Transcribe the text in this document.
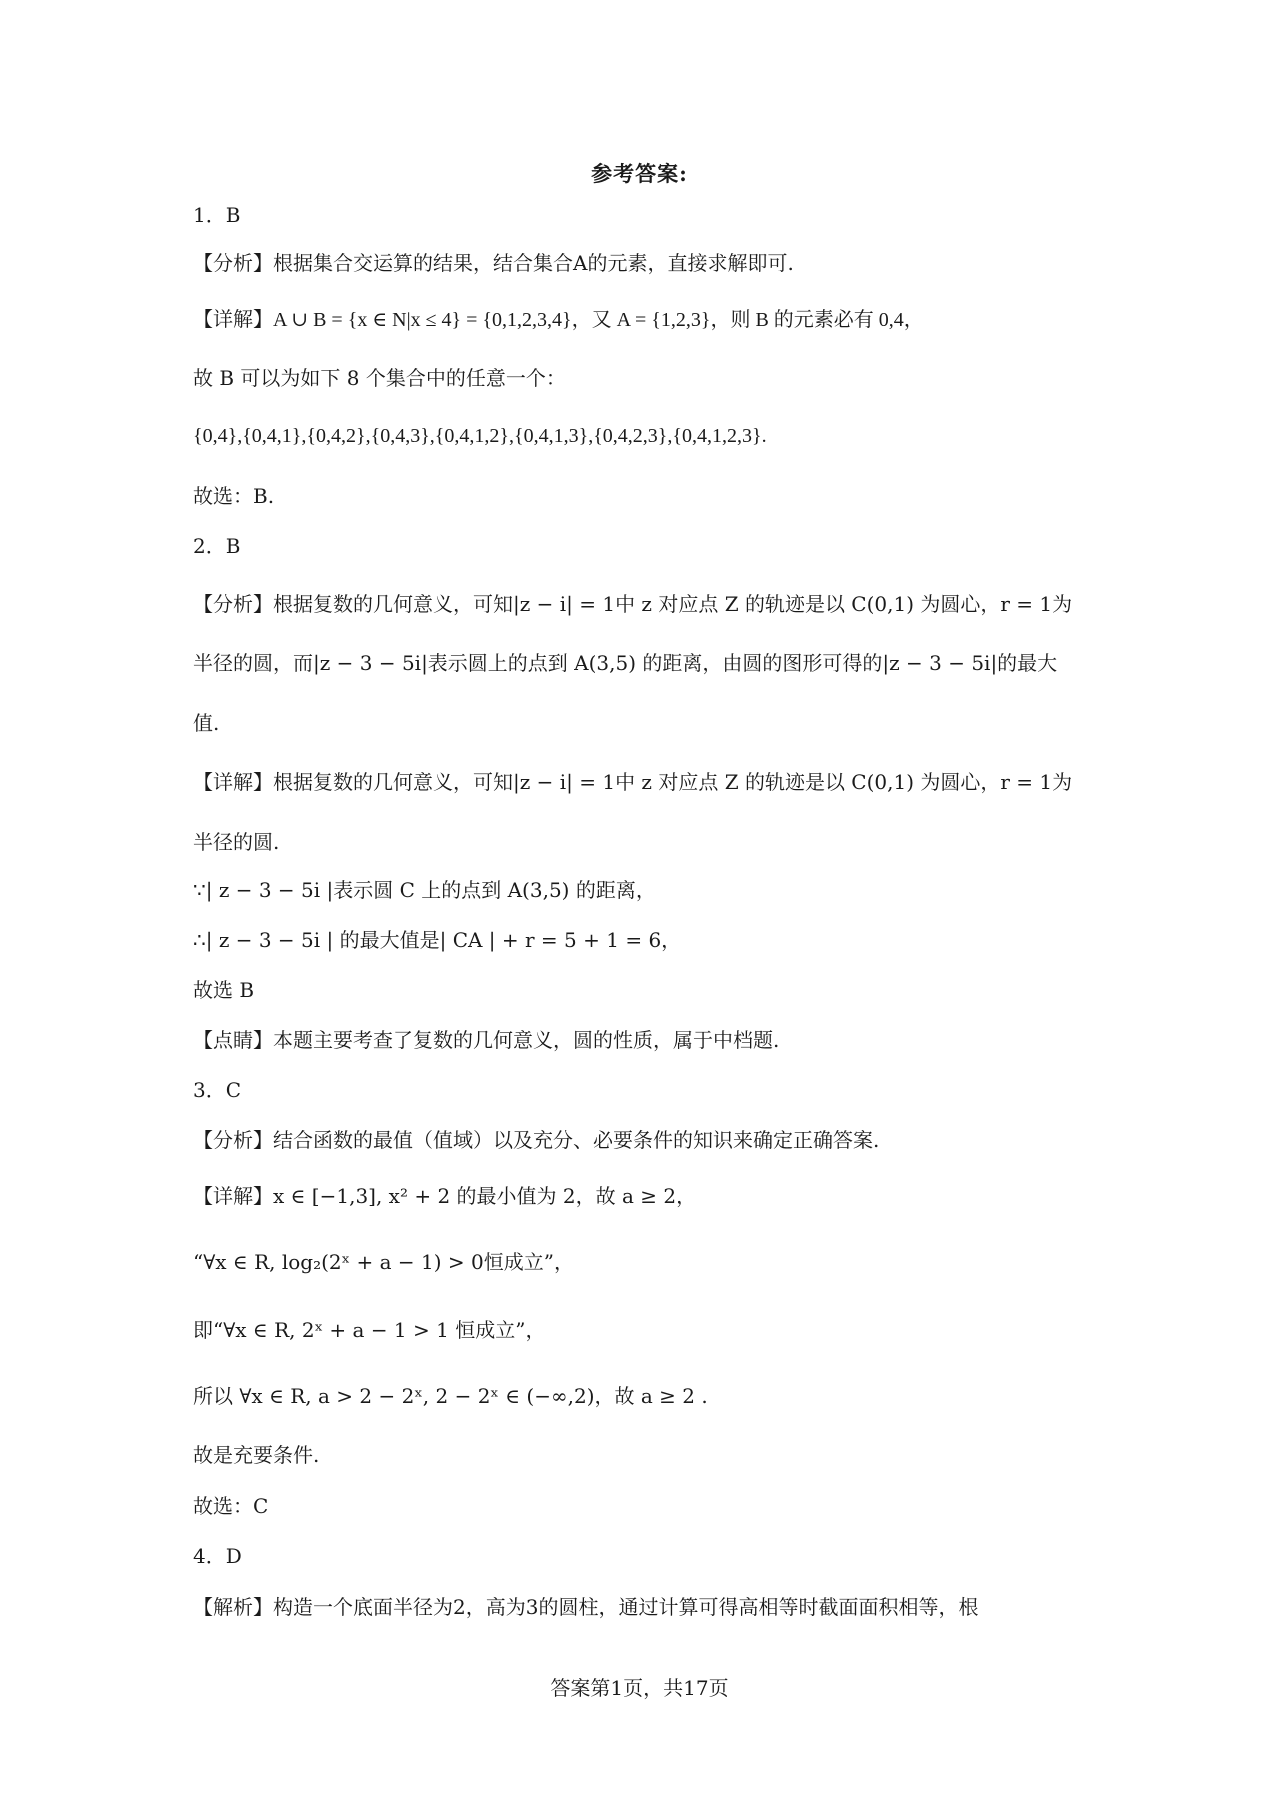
参考答案:
1．B
【分析】根据集合交运算的结果，结合集合A的元素，直接求解即可.
【详解】A ∪ B = {x ∈ N|x ≤ 4} = {0,1,2,3,4}，又 A = {1,2,3}，则 B 的元素必有 0,4，
故 B 可以为如下 8 个集合中的任意一个：
{0,4},{0,4,1},{0,4,2},{0,4,3},{0,4,1,2},{0,4,1,3},{0,4,2,3},{0,4,1,2,3}.
故选：B.
2．B
【分析】根据复数的几何意义，可知|z − i| = 1中 z 对应点 Z 的轨迹是以 C(0,1) 为圆心，r = 1为
半径的圆，而|z − 3 − 5i|表示圆上的点到 A(3,5) 的距离，由圆的图形可得的|z − 3 − 5i|的最大
值.
【详解】根据复数的几何意义，可知|z − i| = 1中 z 对应点 Z 的轨迹是以 C(0,1) 为圆心，r = 1为
半径的圆.
∵| z − 3 − 5i |表示圆 C 上的点到 A(3,5) 的距离，
∴| z − 3 − 5i | 的最大值是| CA | + r = 5 + 1 = 6，
故选 B
【点睛】本题主要考查了复数的几何意义，圆的性质，属于中档题.
3．C
【分析】结合函数的最值（值域）以及充分、必要条件的知识来确定正确答案.
【详解】x ∈ [−1,3], x² + 2 的最小值为 2，故 a ≥ 2，
“∀x ∈ R, log₂(2ˣ + a − 1) > 0恒成立”，
即“∀x ∈ R, 2ˣ + a − 1 > 1 恒成立”，
所以 ∀x ∈ R, a > 2 − 2ˣ, 2 − 2ˣ ∈ (−∞,2)，故 a ≥ 2 .
故是充要条件.
故选：C
4．D
【解析】构造一个底面半径为2，高为3的圆柱，通过计算可得高相等时截面面积相等，根
答案第1页，共17页
